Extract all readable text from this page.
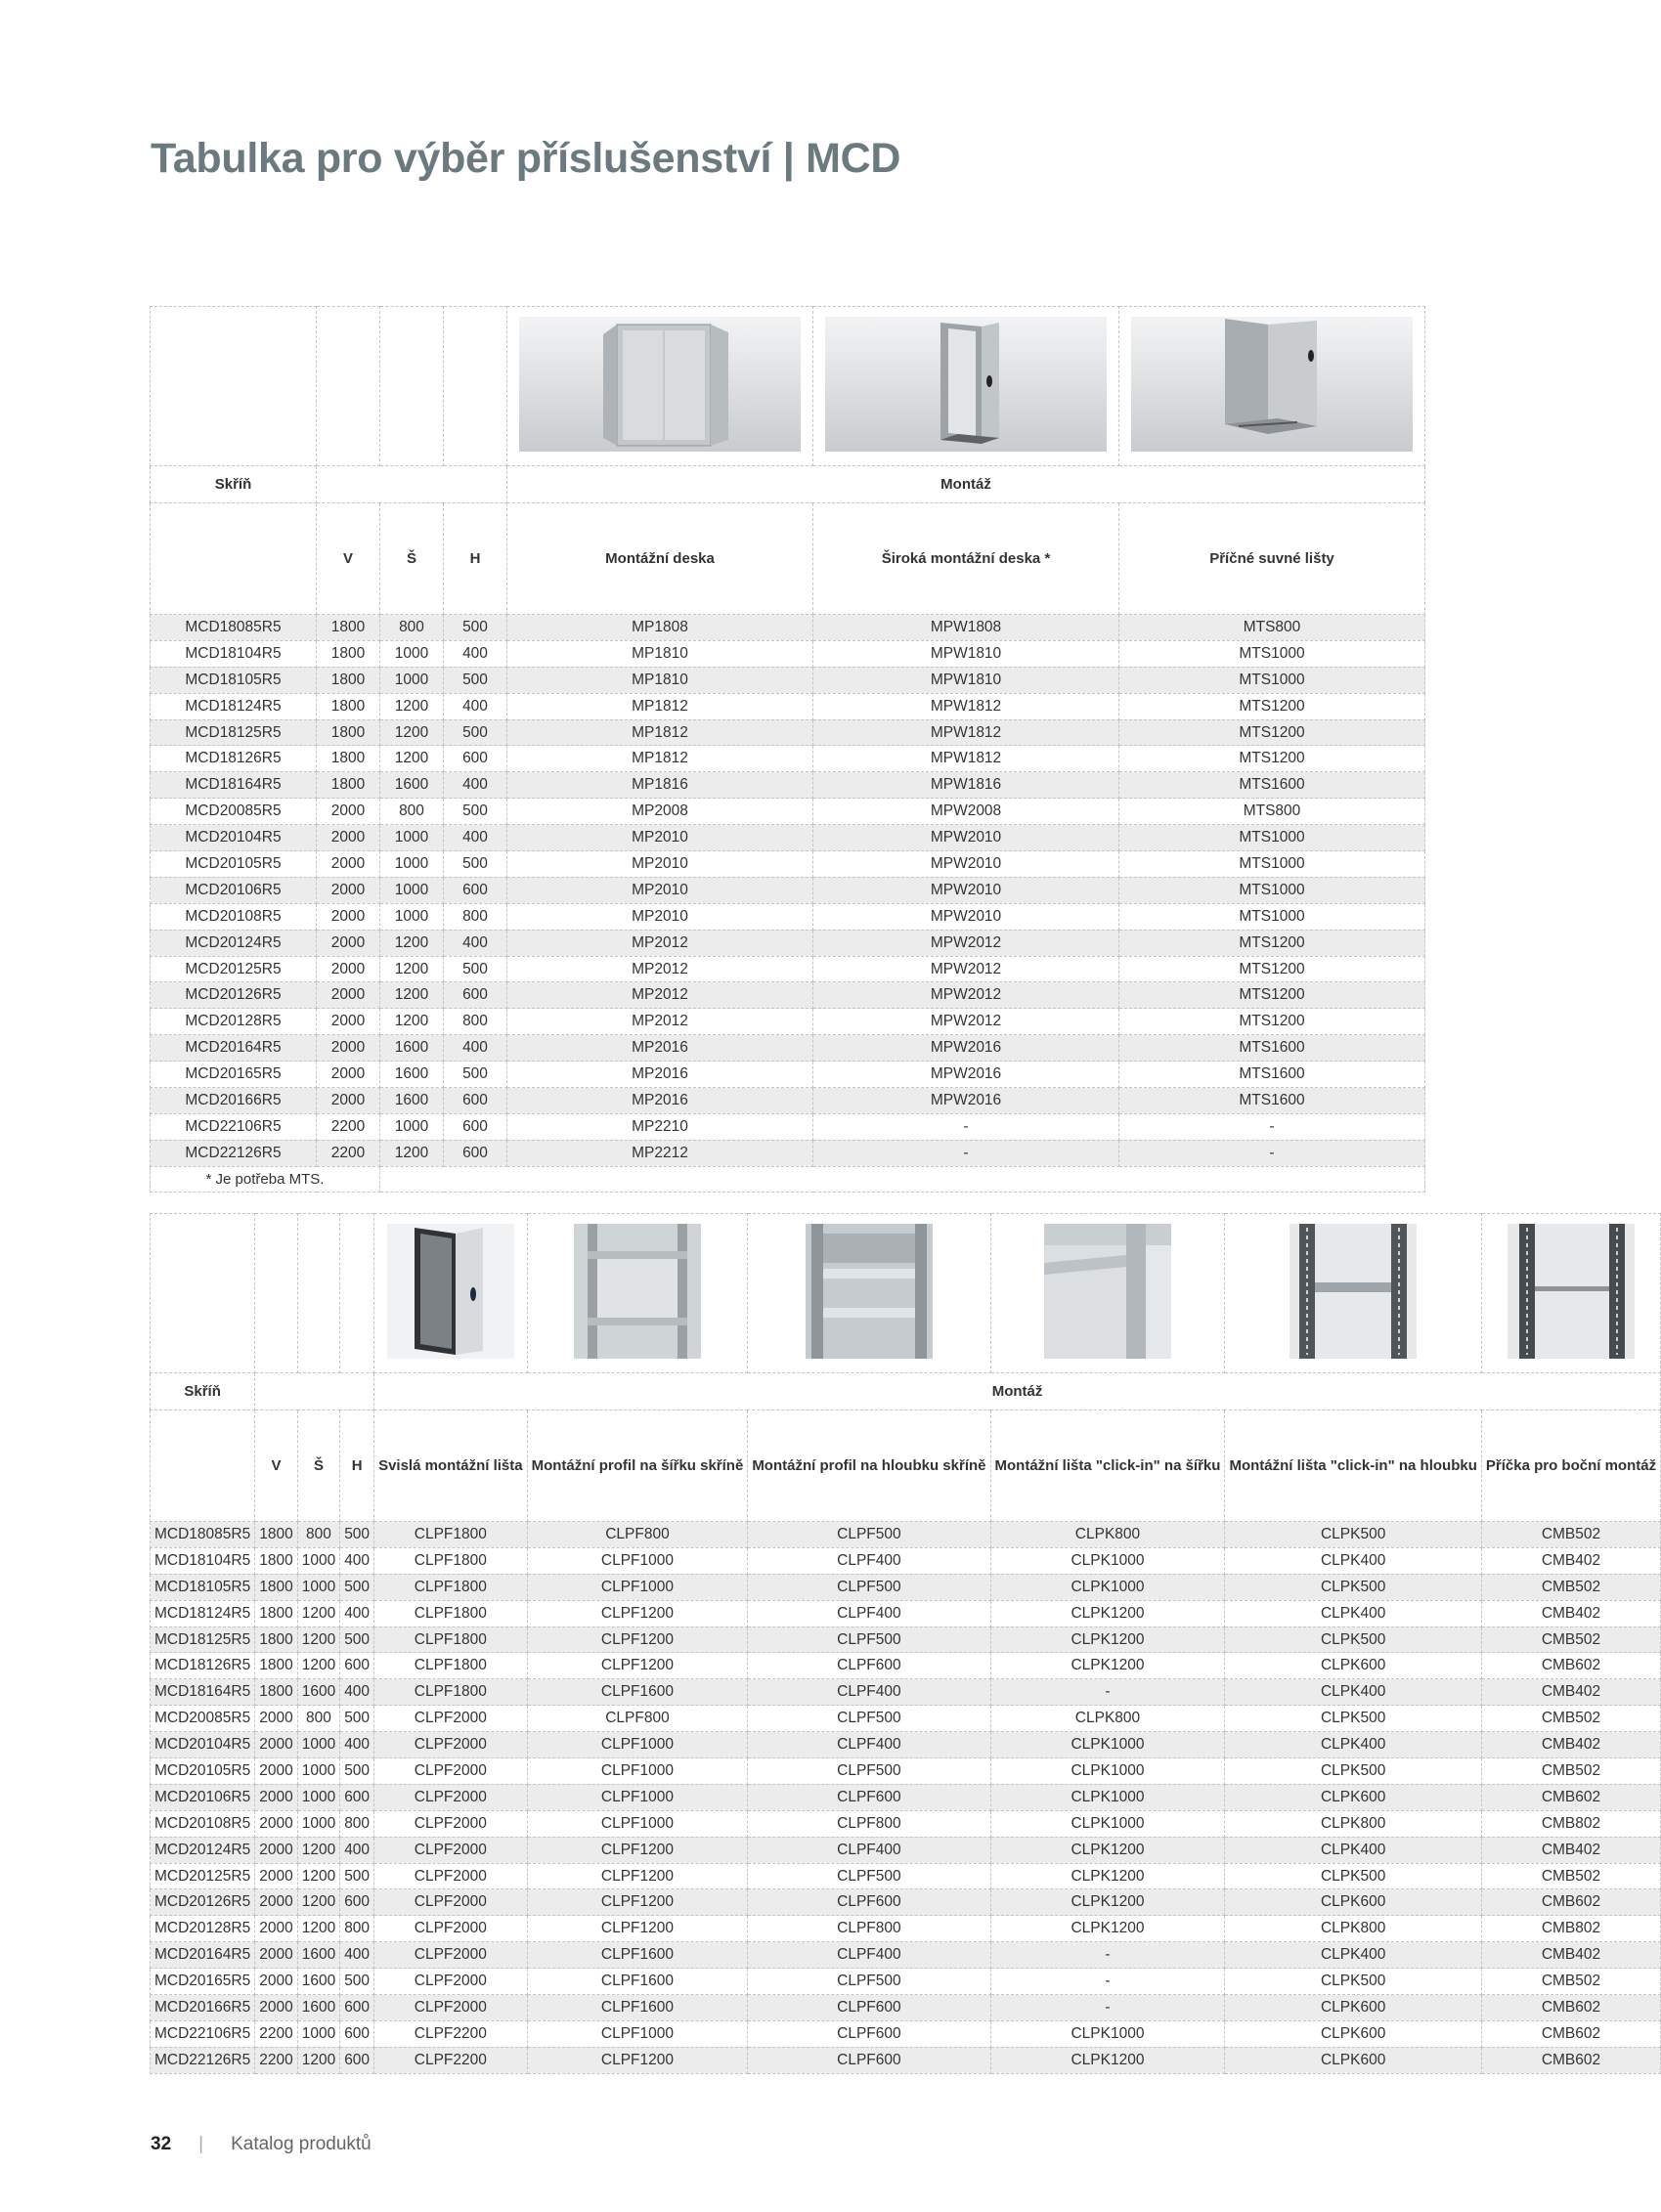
Tabulka pro výběr příslušenství | MCD

Skříň				Montáž		
	V	Š	H	Montážní deska	Široká montážní deska *	Příčné suvné lišty
MCD18085R5	1800	800	500	MP1808	MPW1808	MTS800
MCD18104R5	1800	1000	400	MP1810	MPW1810	MTS1000
MCD18105R5	1800	1000	500	MP1810	MPW1810	MTS1000
MCD18124R5	1800	1200	400	MP1812	MPW1812	MTS1200
MCD18125R5	1800	1200	500	MP1812	MPW1812	MTS1200
MCD18126R5	1800	1200	600	MP1812	MPW1812	MTS1200
MCD18164R5	1800	1600	400	MP1816	MPW1816	MTS1600
MCD20085R5	2000	800	500	MP2008	MPW2008	MTS800
MCD20104R5	2000	1000	400	MP2010	MPW2010	MTS1000
MCD20105R5	2000	1000	500	MP2010	MPW2010	MTS1000
MCD20106R5	2000	1000	600	MP2010	MPW2010	MTS1000
MCD20108R5	2000	1000	800	MP2010	MPW2010	MTS1000
MCD20124R5	2000	1200	400	MP2012	MPW2012	MTS1200
MCD20125R5	2000	1200	500	MP2012	MPW2012	MTS1200
MCD20126R5	2000	1200	600	MP2012	MPW2012	MTS1200
MCD20128R5	2000	1200	800	MP2012	MPW2012	MTS1200
MCD20164R5	2000	1600	400	MP2016	MPW2016	MTS1600
MCD20165R5	2000	1600	500	MP2016	MPW2016	MTS1600
MCD20166R5	2000	1600	600	MP2016	MPW2016	MTS1600
MCD22106R5	2200	1000	600	MP2210	-	-
MCD22126R5	2200	1200	600	MP2212	-	-
* Je potřeba MTS.						

Skříň				Montáž					
	V	Š	H	Svislá montážní lišta	Montážní profil na šířku skříně	Montážní profil na hloubku skříně	Montážní lišta "click-in" na šířku	Montážní lišta "click-in" na hloubku	Příčka pro boční montáž
MCD18085R5	1800	800	500	CLPF1800	CLPF800	CLPF500	CLPK800	CLPK500	CMB502
MCD18104R5	1800	1000	400	CLPF1800	CLPF1000	CLPF400	CLPK1000	CLPK400	CMB402
MCD18105R5	1800	1000	500	CLPF1800	CLPF1000	CLPF500	CLPK1000	CLPK500	CMB502
MCD18124R5	1800	1200	400	CLPF1800	CLPF1200	CLPF400	CLPK1200	CLPK400	CMB402
MCD18125R5	1800	1200	500	CLPF1800	CLPF1200	CLPF500	CLPK1200	CLPK500	CMB502
MCD18126R5	1800	1200	600	CLPF1800	CLPF1200	CLPF600	CLPK1200	CLPK600	CMB602
MCD18164R5	1800	1600	400	CLPF1800	CLPF1600	CLPF400	-	CLPK400	CMB402
MCD20085R5	2000	800	500	CLPF2000	CLPF800	CLPF500	CLPK800	CLPK500	CMB502
MCD20104R5	2000	1000	400	CLPF2000	CLPF1000	CLPF400	CLPK1000	CLPK400	CMB402
MCD20105R5	2000	1000	500	CLPF2000	CLPF1000	CLPF500	CLPK1000	CLPK500	CMB502
MCD20106R5	2000	1000	600	CLPF2000	CLPF1000	CLPF600	CLPK1000	CLPK600	CMB602
MCD20108R5	2000	1000	800	CLPF2000	CLPF1000	CLPF800	CLPK1000	CLPK800	CMB802
MCD20124R5	2000	1200	400	CLPF2000	CLPF1200	CLPF400	CLPK1200	CLPK400	CMB402
MCD20125R5	2000	1200	500	CLPF2000	CLPF1200	CLPF500	CLPK1200	CLPK500	CMB502
MCD20126R5	2000	1200	600	CLPF2000	CLPF1200	CLPF600	CLPK1200	CLPK600	CMB602
MCD20128R5	2000	1200	800	CLPF2000	CLPF1200	CLPF800	CLPK1200	CLPK800	CMB802
MCD20164R5	2000	1600	400	CLPF2000	CLPF1600	CLPF400	-	CLPK400	CMB402
MCD20165R5	2000	1600	500	CLPF2000	CLPF1600	CLPF500	-	CLPK500	CMB502
MCD20166R5	2000	1600	600	CLPF2000	CLPF1600	CLPF600	-	CLPK600	CMB602
MCD22106R5	2200	1000	600	CLPF2200	CLPF1000	CLPF600	CLPK1000	CLPK600	CMB602
MCD22126R5	2200	1200	600	CLPF2200	CLPF1200	CLPF600	CLPK1200	CLPK600	CMB602
32 | Katalog produktů
